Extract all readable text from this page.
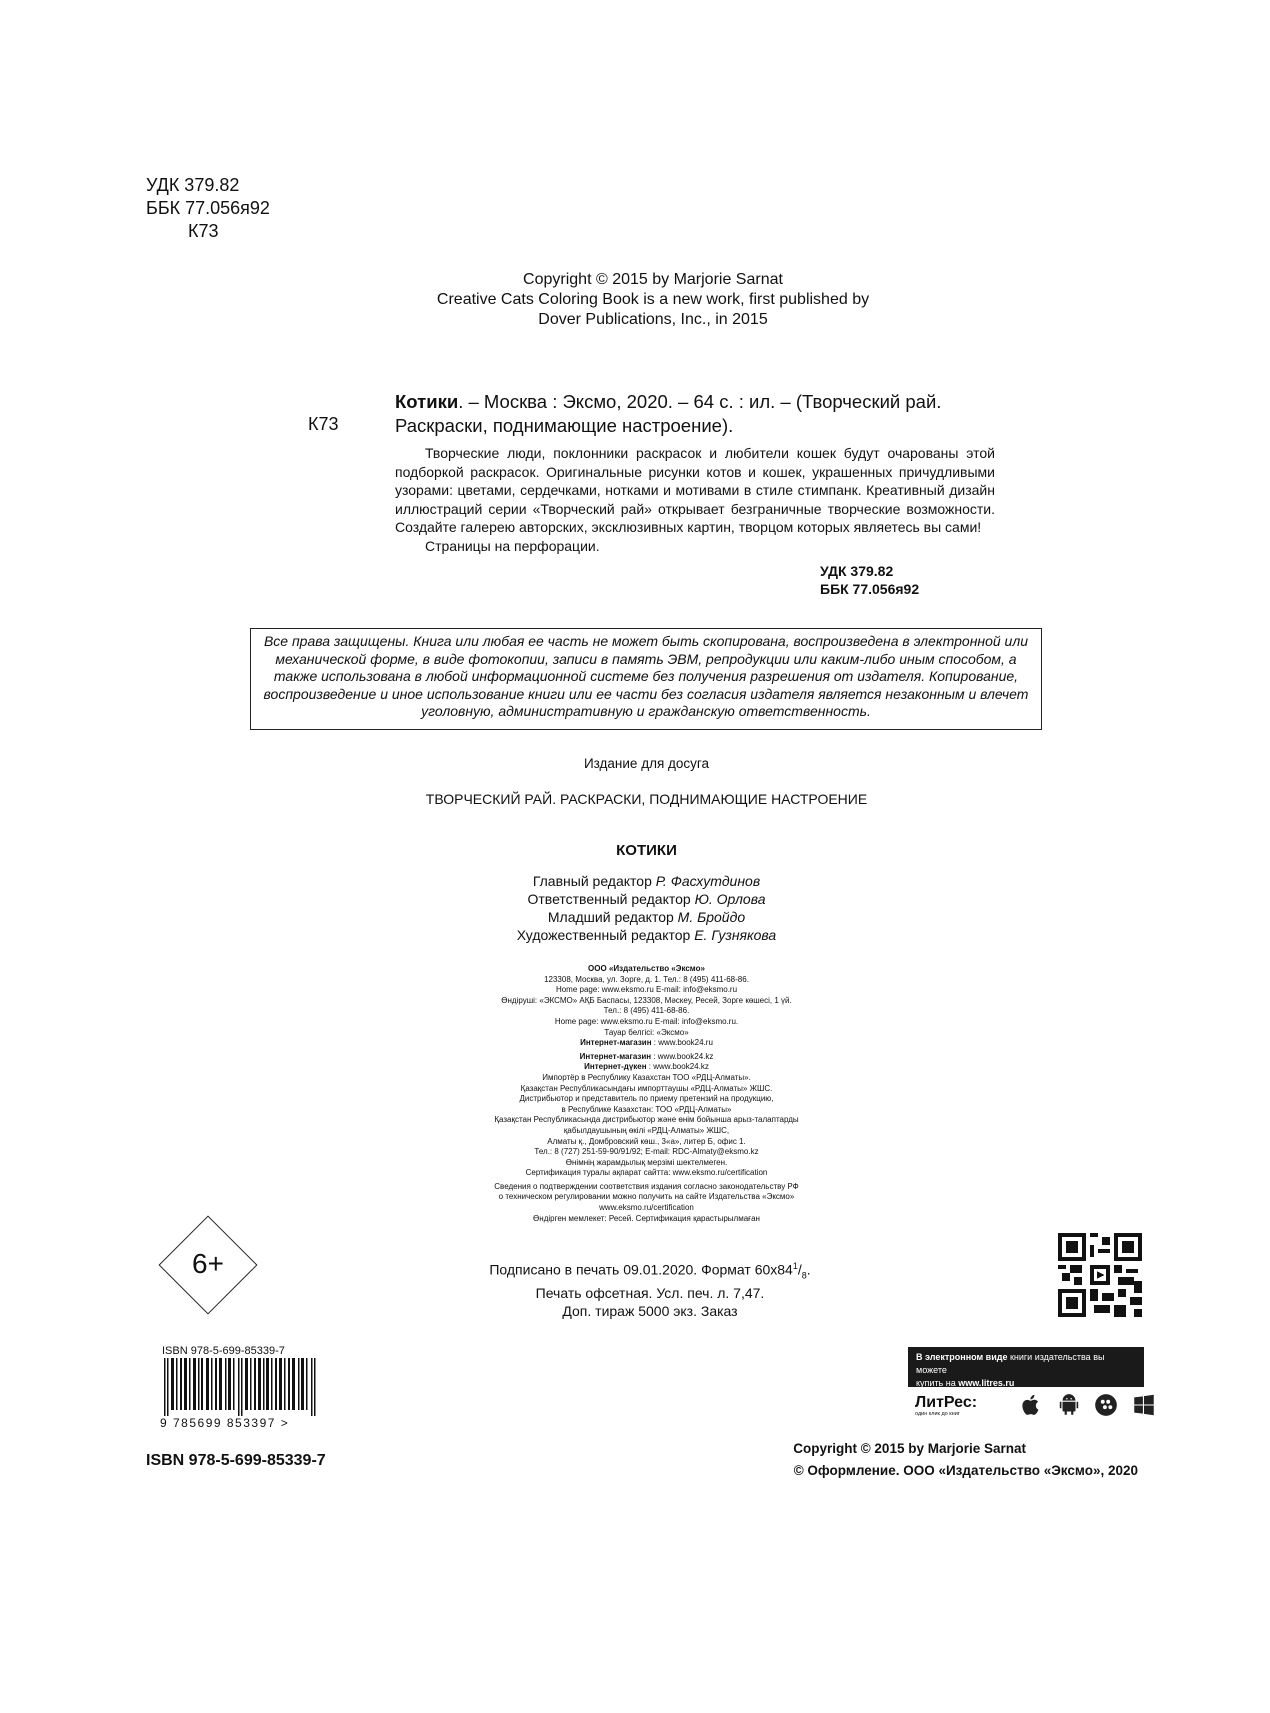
УДК 379.82
ББК 77.056я92
К73
Copyright © 2015 by Marjorie Sarnat
Creative Cats Coloring Book is a new work, first published by
Dover Publications, Inc., in 2015
К73
Котики. – Москва : Эксмо, 2020. – 64 с. : ил. – (Творческий рай.
Раскраски, поднимающие настроение).

Творческие люди, поклонники раскрасок и любители кошек будут очарованы этой подборкой раскрасок. Оригинальные рисунки котов и кошек, украшенных причудливыми узорами: цветами, сердечками, нотками и мотивами в стиле стимпанк. Креативный дизайн иллюстраций серии «Творческий рай» открывает безграничные творческие возможности. Создайте галерею авторских, эксклюзивных картин, творцом которых являетесь вы сами!

Страницы на перфорации.

УДК 379.82
ББК 77.056я92
Все права защищены. Книга или любая ее часть не может быть скопирована, воспроизведена в электронной или механической форме, в виде фотокопии, записи в память ЭВМ, репродукции или каким-либо иным способом, а также использована в любой информационной системе без получения разрешения от издателя. Копирование, воспроизведение и иное использование книги или ее части без согласия издателя является незаконным и влечет уголовную, административную и гражданскую ответственность.
Издание для досуга
ТВОРЧЕСКИЙ РАЙ. РАСКРАСКИ, ПОДНИМАЮЩИЕ НАСТРОЕНИЕ
КОТИКИ
Главный редактор Р. Фасхутдинов
Ответственный редактор Ю. Орлова
Младший редактор М. Бройдо
Художественный редактор Е. Гузнякова
ООО «Издательство «Эксмо»
123308, Москва, ул. Зорге, д. 1. Тел.: 8 (495) 411-68-86.
Home page: www.eksmo.ru E-mail: info@eksmo.ru
Өндіруші: «ЭКСМО» АҚБ Баспасы, 123308, Мәскеу, Ресей, Зорге көшесі, 1 үй.
Тел.: 8 (495) 411-68-86.
Home page: www.eksmo.ru E-mail: info@eksmo.ru.
Тауар белгісі: «Эксмо»
Интернет-магазин : www.book24.ru
Интернет-магазин : www.book24.kz
Интернет-дүкен : www.book24.kz
Импортёр в Республику Казахстан ТОО «РДЦ-Алматы».
Қазақстан Республикасындағы импорттаушы «РДЦ-Алматы» ЖШС.
Дистрибьютор и представитель по приему претензий на продукцию,
в Республике Казахстан: ТОО «РДЦ-Алматы»
Қазақстан Республикасында дистрибьютор және өнім бойынша арыз-талаптарды
қабылдаушының өкілі «РДЦ-Алматы» ЖШС,
Алматы қ., Домбровский көш., 3«а», литер Б, офис 1.
Тел.: 8 (727) 251-59-90/91/92; E-mail: RDC-Almaty@eksmo.kz
Өнімнің жарамдылық мерзімі шектелмеген.
Сертификация туралы ақпарат сайтта: www.eksmo.ru/certification
Сведения о подтверждении соответствия издания согласно законодательству РФ
о техническом регулировании можно получить на сайте Издательства «Эксмо»
www.eksmo.ru/certification
Өндірген мемлекет: Ресей. Сертификация қарастырылмаған
6+	Подписано в печать 09.01.2020. Формат $60х84^1/_8$.
Печать офсетная. Усл. печ. л. 7,47.
Доп. тираж 5000 экз. Заказ
В электронном виде книги издательства вы можете
купить на www.litres.ru
ЛитРес:
один клик до книг

ISBN 978-5-699-85339-7
9 785699 853397 >
ISBN 978-5-699-85339-7
Copyright © 2015 by Marjorie Sarnat
© Оформление. ООО «Издательство «Эксмо», 2020
